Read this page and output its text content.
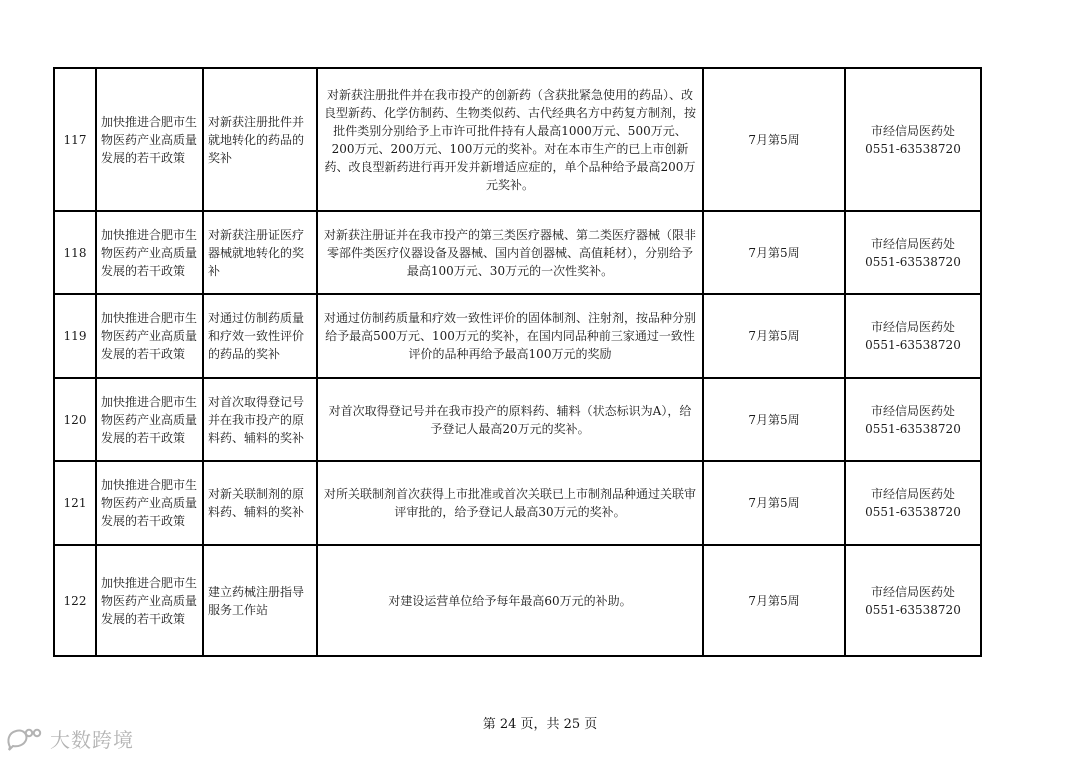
117	加快推进合肥市生物医药产业高质量发展的若干政策	对新获注册批件并就地转化的药品的奖补	对新获注册批件并在我市投产的创新药（含获批紧急使用的药品）、改良型新药、化学仿制药、生物类似药、古代经典名方中药复方制剂，按批件类别分别给予上市许可批件持有人最高1000万元、500万元、200万元、200万元、100万元的奖补。对在本市生产的已上市创新药、改良型新药进行再开发并新增适应症的，单个品种给予最高200万元奖补。	7月第5周	市经信局医药处
0551-63538720

118	加快推进合肥市生物医药产业高质量发展的若干政策	对新获注册证医疗器械就地转化的奖补	对新获注册证并在我市投产的第三类医疗器械、第二类医疗器械（限非零部件类医疗仪器设备及器械、国内首创器械、高值耗材），分别给予最高100万元、30万元的一次性奖补。	7月第5周	市经信局医药处
0551-63538720

119	加快推进合肥市生物医药产业高质量发展的若干政策	对通过仿制药质量和疗效一致性评价的药品的奖补	对通过仿制药质量和疗效一致性评价的固体制剂、注射剂，按品种分别给予最高500万元、100万元的奖补，在国内同品种前三家通过一致性评价的品种再给予最高100万元的奖励	7月第5周	市经信局医药处
0551-63538720

120	加快推进合肥市生物医药产业高质量发展的若干政策	对首次取得登记号并在我市投产的原料药、辅料的奖补	对首次取得登记号并在我市投产的原料药、辅料（状态标识为A），给予登记人最高20万元的奖补。	7月第5周	市经信局医药处
0551-63538720

121	加快推进合肥市生物医药产业高质量发展的若干政策	对新关联制剂的原料药、辅料的奖补	对所关联制剂首次获得上市批准或首次关联已上市制剂品种通过关联审评审批的，给予登记人最高30万元的奖补。	7月第5周	市经信局医药处
0551-63538720

122	加快推进合肥市生物医药产业高质量发展的若干政策	建立药械注册指导服务工作站	对建设运营单位给予每年最高60万元的补助。	7月第5周	市经信局医药处
0551-63538720
第 24 页，共 25 页
大数跨境
